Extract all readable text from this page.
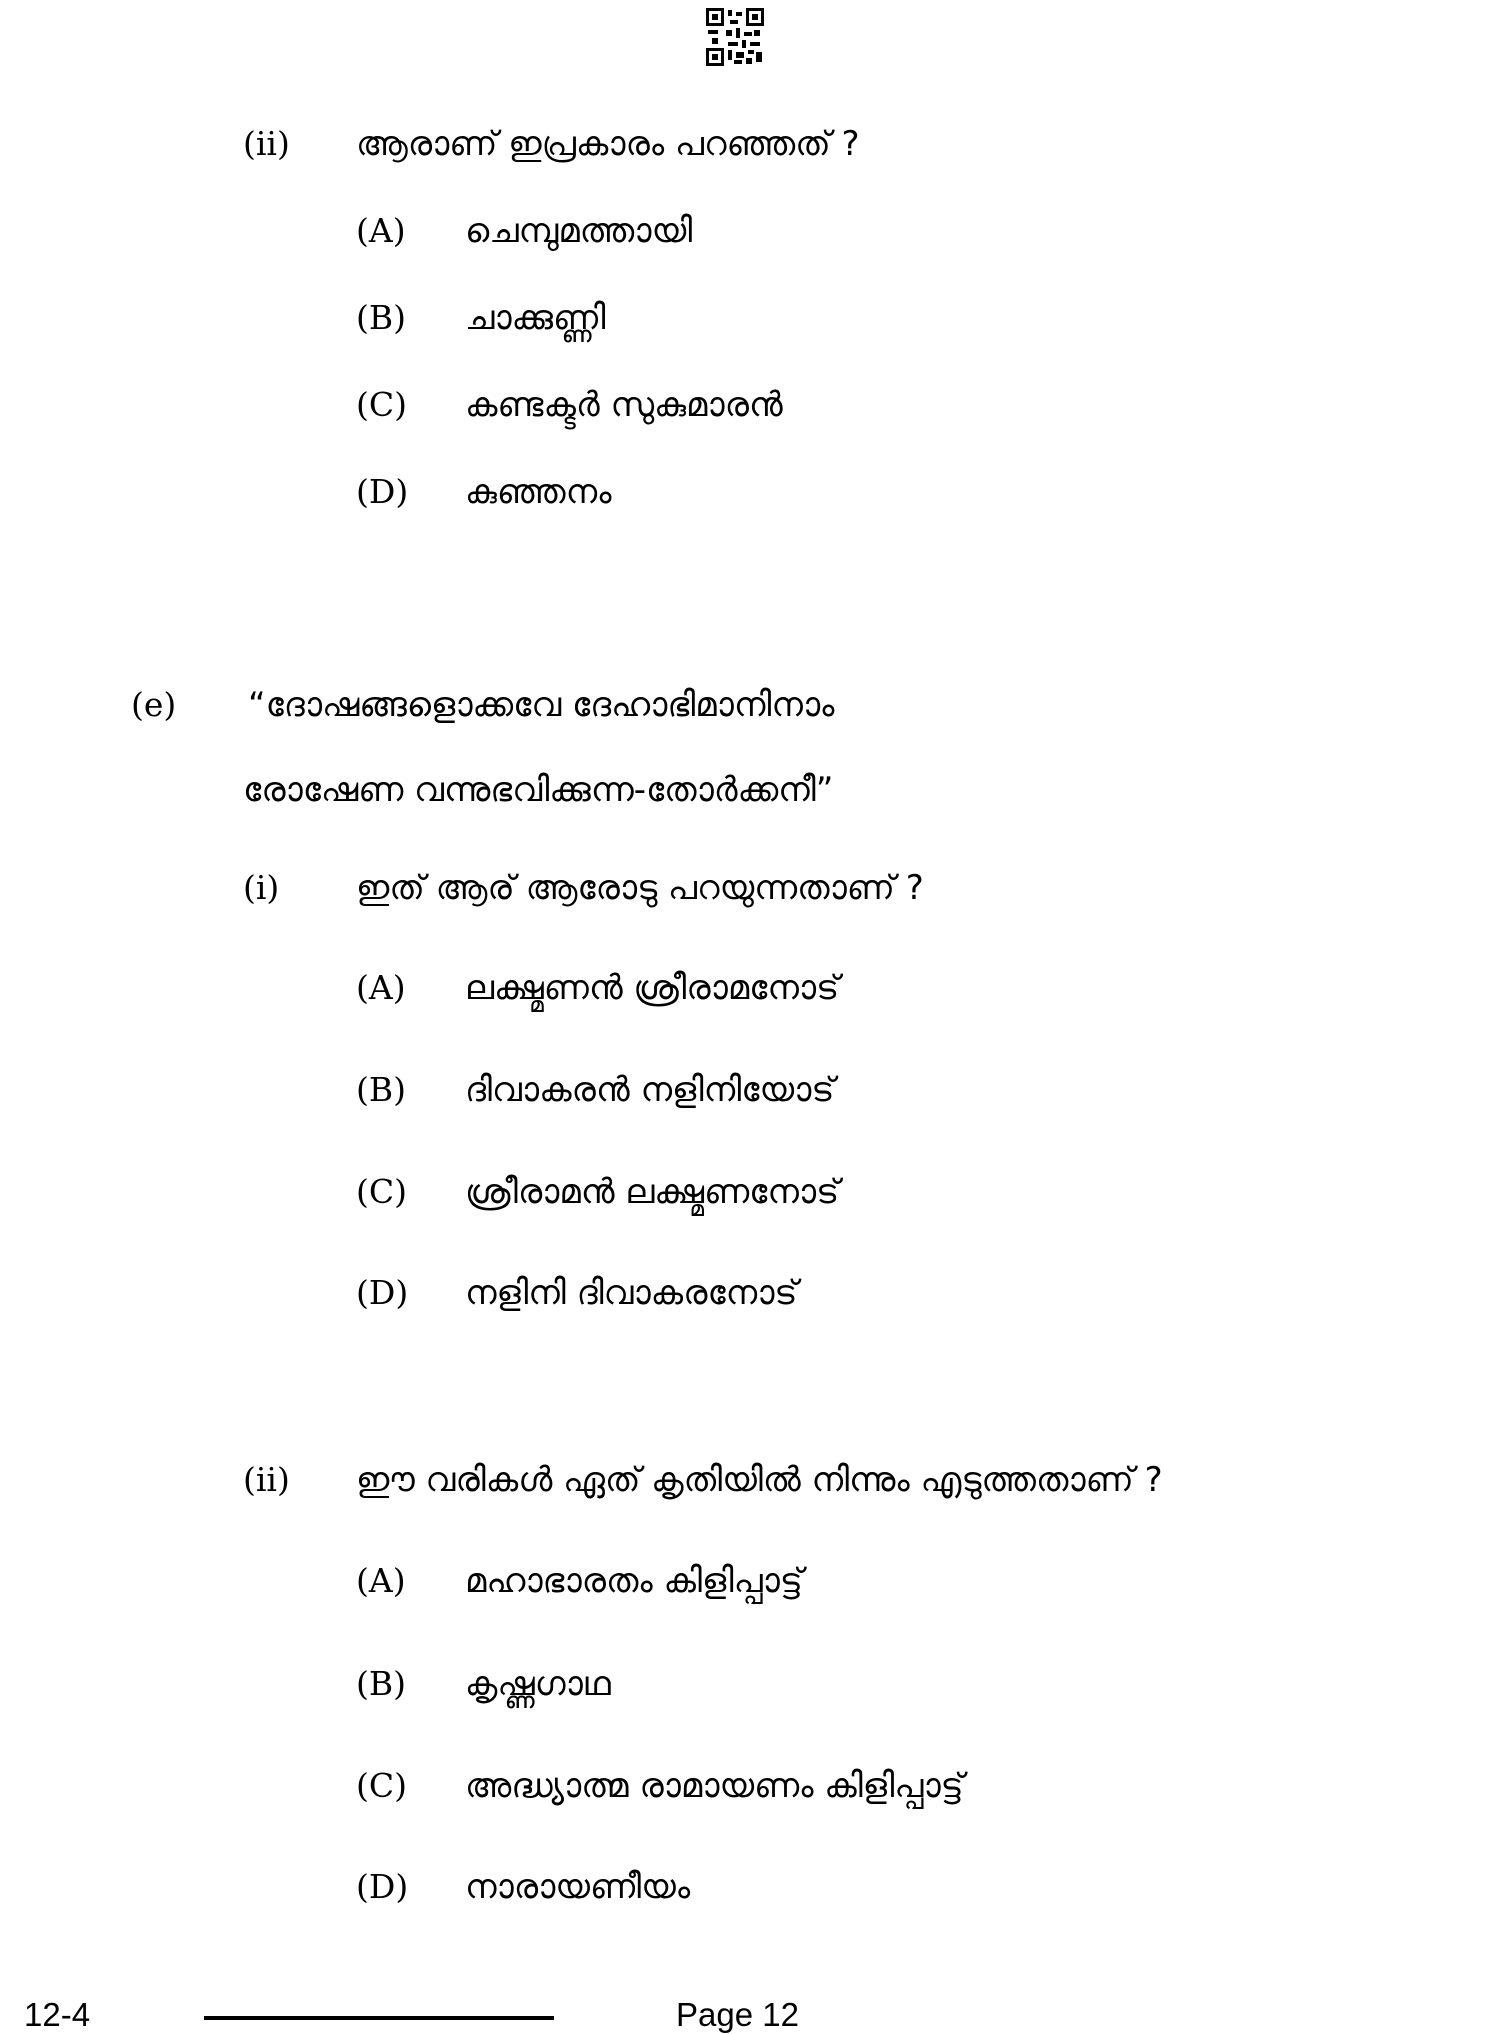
(ii) ആരാണ് ഇപ്രകാരം പറഞ്ഞത് ?
(A) ചെമ്പുമത്തായി
(B) ചാക്കുണ്ണി
(C) കണ്ടക്ടർ സുകുമാരൻ
(D) കുഞ്ഞനം
(e) “ദോഷങ്ങളൊക്കവേ ദേഹാഭിമാനിനാം
രോഷേണ വന്നുഭവിക്കുന്ന-തോർക്കനീ”
(i) ഇത് ആര് ആരോടു പറയുന്നതാണ് ?
(A) ലക്ഷ്മണൻ ശ്രീരാമനോട്
(B) ദിവാകരൻ നളിനിയോട്
(C) ശ്രീരാമൻ ലക്ഷ്മണനോട്
(D) നളിനി ദിവാകരനോട്
(ii) ഈ വരികൾ ഏത് കൃതിയിൽ നിന്നും എടുത്തതാണ് ?
(A) മഹാഭാരതം കിളിപ്പാട്ട്
(B) കൃഷ്ണഗാഥ
(C) അദ്ധ്യാത്മ രാമായണം കിളിപ്പാട്ട്
(D) നാരായണീയം
12-4	Page 12
